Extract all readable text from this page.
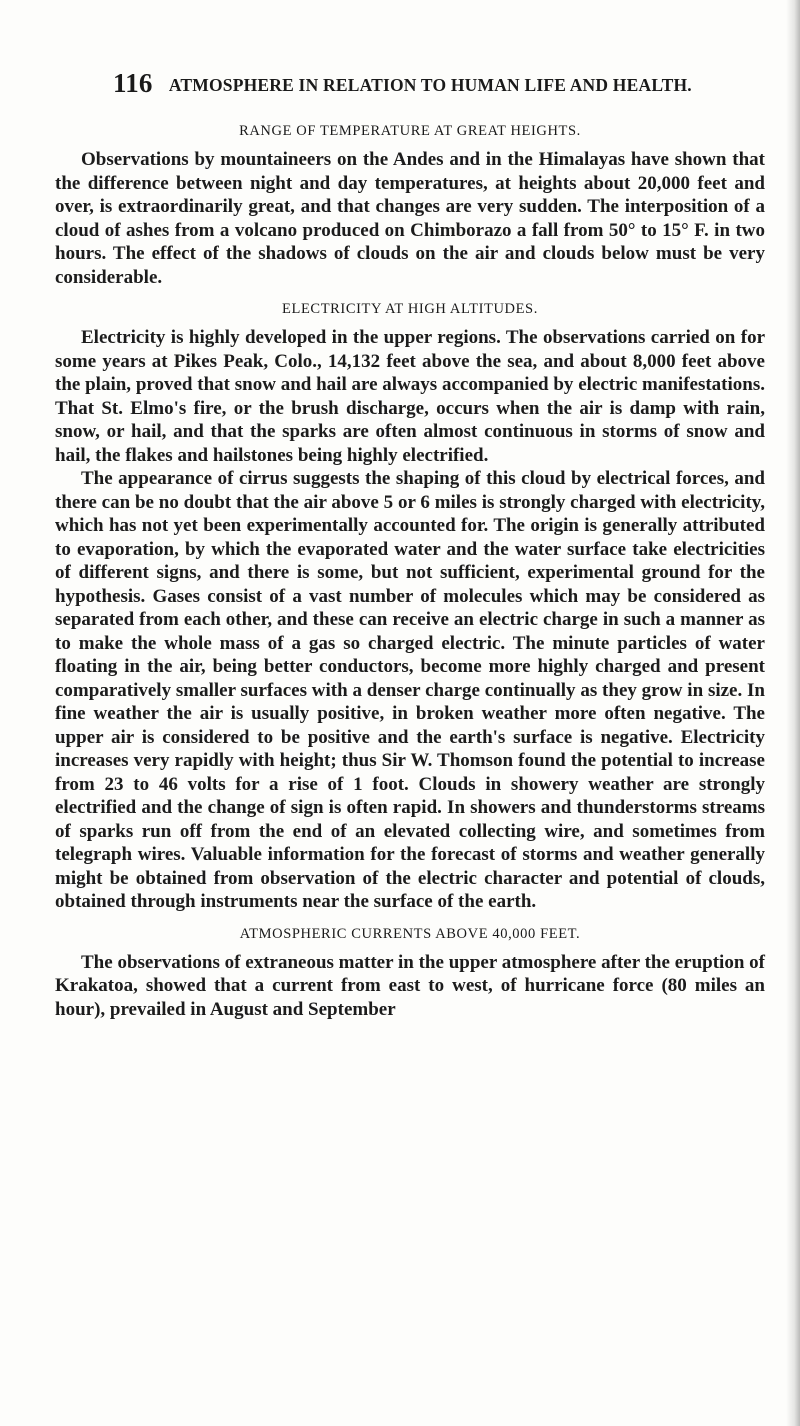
116 ATMOSPHERE IN RELATION TO HUMAN LIFE AND HEALTH.
RANGE OF TEMPERATURE AT GREAT HEIGHTS.

Observations by mountaineers on the Andes and in the Himalayas have shown that the difference between night and day temperatures, at heights about 20,000 feet and over, is extraordinarily great, and that changes are very sudden. The interposition of a cloud of ashes from a volcano produced on Chimborazo a fall from 50° to 15° F. in two hours. The effect of the shadows of clouds on the air and clouds below must be very considerable.

ELECTRICITY AT HIGH ALTITUDES.

Electricity is highly developed in the upper regions. The observations carried on for some years at Pikes Peak, Colo., 14,132 feet above the sea, and about 8,000 feet above the plain, proved that snow and hail are always accompanied by electric manifestations. That St. Elmo's fire, or the brush discharge, occurs when the air is damp with rain, snow, or hail, and that the sparks are often almost continuous in storms of snow and hail, the flakes and hailstones being highly electrified.

The appearance of cirrus suggests the shaping of this cloud by electrical forces, and there can be no doubt that the air above 5 or 6 miles is strongly charged with electricity, which has not yet been experimentally accounted for. The origin is generally attributed to evaporation, by which the evaporated water and the water surface take electricities of different signs, and there is some, but not sufficient, experimental ground for the hypothesis. Gases consist of a vast number of molecules which may be considered as separated from each other, and these can receive an electric charge in such a manner as to make the whole mass of a gas so charged electric. The minute particles of water floating in the air, being better conductors, become more highly charged and present comparatively smaller surfaces with a denser charge continually as they grow in size. In fine weather the air is usually positive, in broken weather more often negative. The upper air is considered to be positive and the earth's surface is negative. Electricity increases very rapidly with height; thus Sir W. Thomson found the potential to increase from 23 to 46 volts for a rise of 1 foot. Clouds in showery weather are strongly electrified and the change of sign is often rapid. In showers and thunderstorms streams of sparks run off from the end of an elevated collecting wire, and sometimes from telegraph wires. Valuable information for the forecast of storms and weather generally might be obtained from observation of the electric character and potential of clouds, obtained through instruments near the surface of the earth.

ATMOSPHERIC CURRENTS ABOVE 40,000 FEET.

The observations of extraneous matter in the upper atmosphere after the eruption of Krakatoa, showed that a current from east to west, of hurricane force (80 miles an hour), prevailed in August and September
